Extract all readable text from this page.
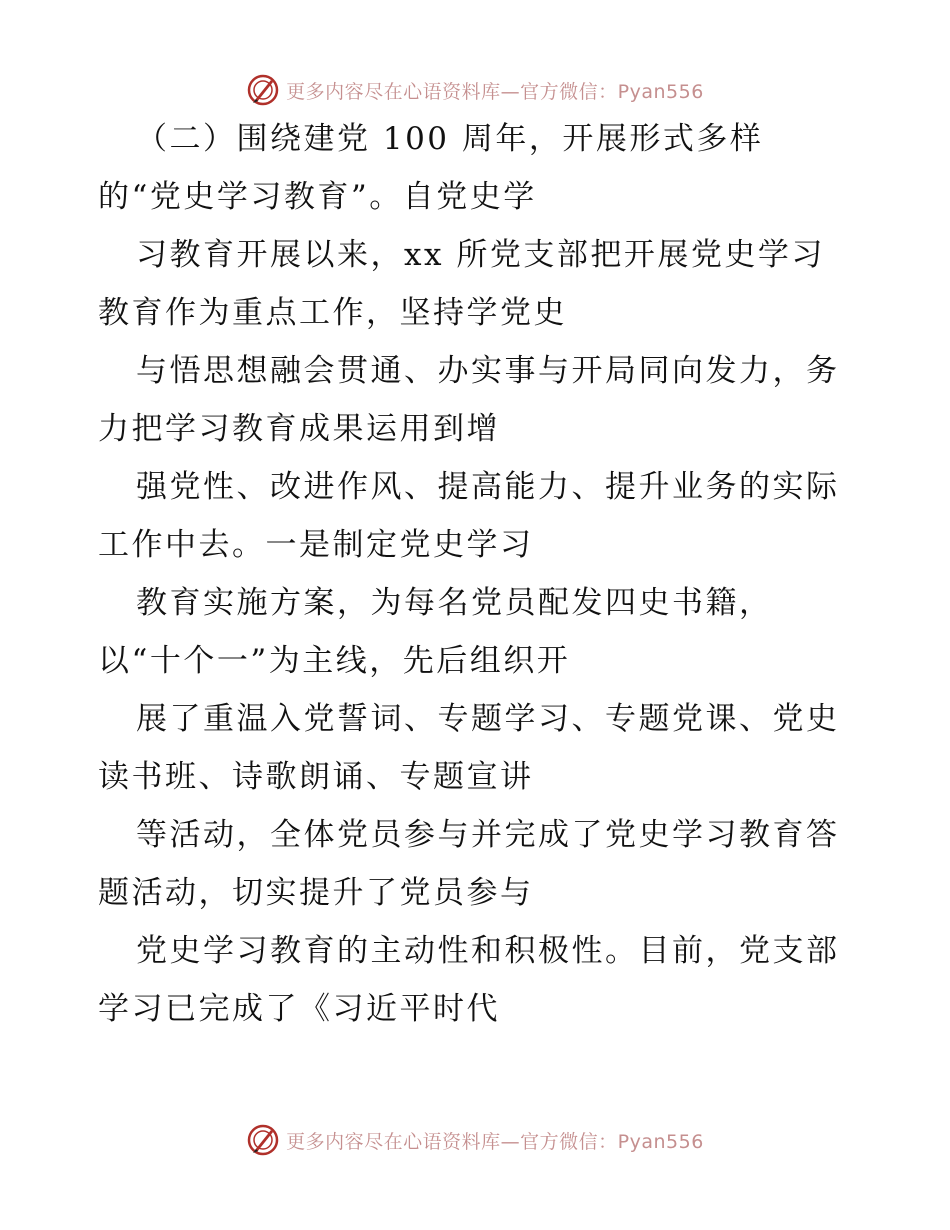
更多内容尽在心语资料库—官方微信：Pyan556

（二）围绕建党 100 周年，开展形式多样

的“党史学习教育”。自党史学

习教育开展以来，xx 所党支部把开展党史学习

教育作为重点工作，坚持学党史

与悟思想融会贯通、办实事与开局同向发力，务

力把学习教育成果运用到增

强党性、改进作风、提高能力、提升业务的实际

工作中去。一是制定党史学习

教育实施方案，为每名党员配发四史书籍，

以“十个一”为主线，先后组织开

展了重温入党誓词、专题学习、专题党课、党史

读书班、诗歌朗诵、专题宣讲

等活动，全体党员参与并完成了党史学习教育答

题活动，切实提升了党员参与

党史学习教育的主动性和积极性。目前，党支部

学习已完成了《习近平时代

更多内容尽在心语资料库—官方微信：Pyan556
